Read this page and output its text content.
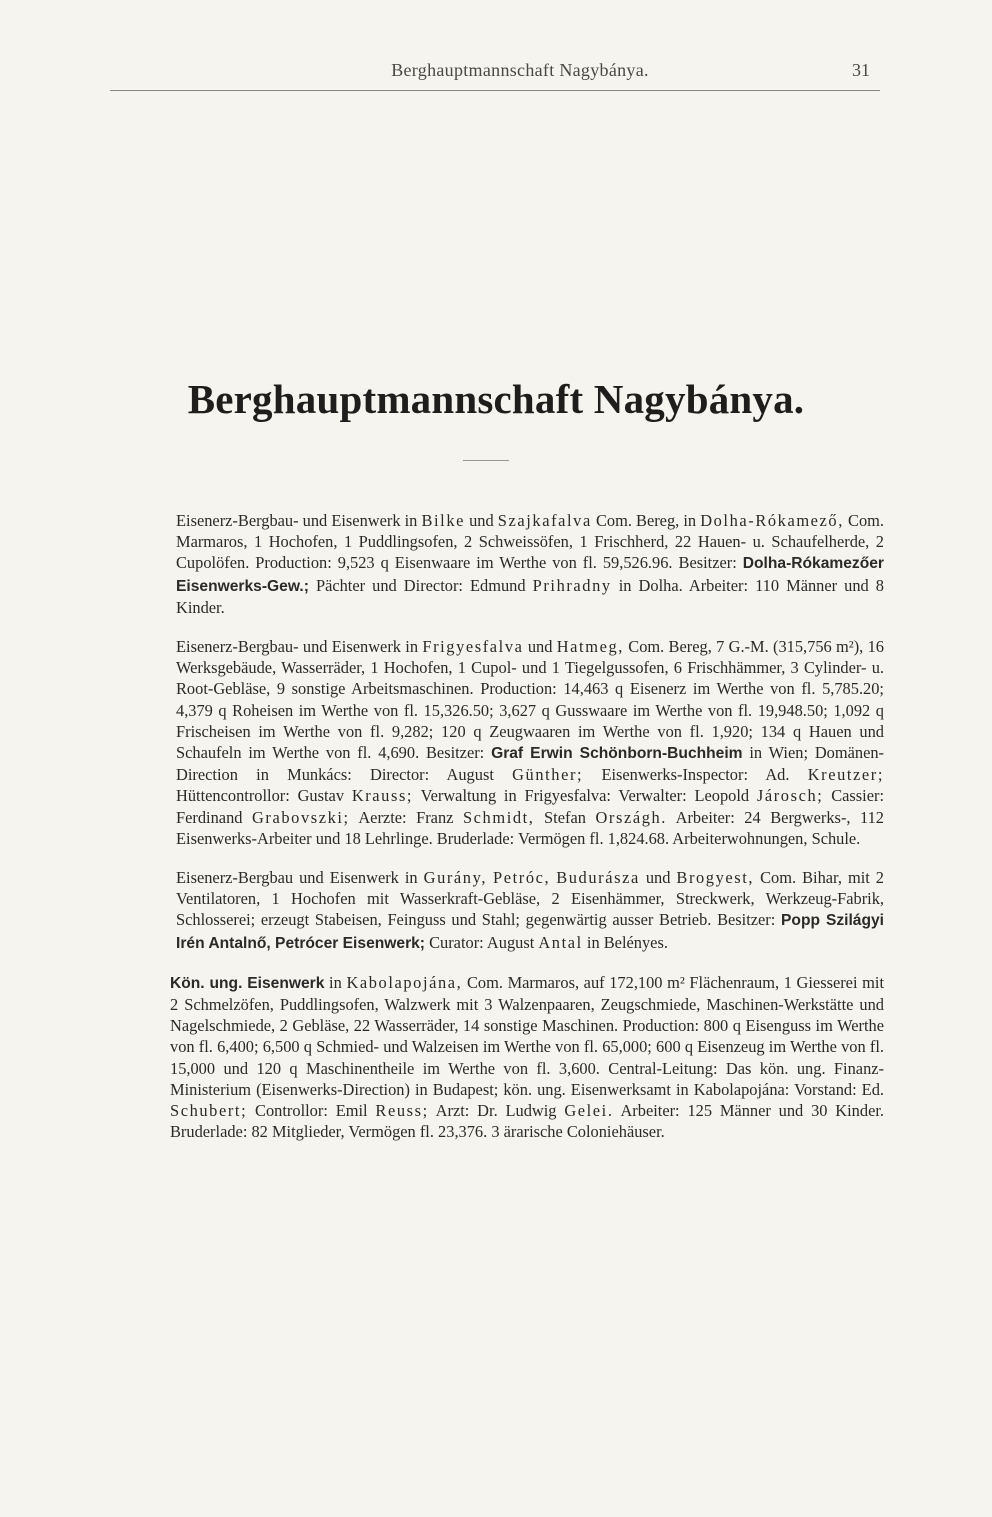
Berghauptmannschaft Nagybánya.	31
Berghauptmannschaft Nagybánya.

Eisenerz-Bergbau- und Eisenwerk in Bilke und Szajkafalva Com. Bereg, in Dolha-Rókamező, Com. Marmaros, 1 Hochofen, 1 Puddlingsofen, 2 Schweissöfen, 1 Frischherd, 22 Hauen- u. Schaufelherde, 2 Cupolöfen. Production: 9,523 q Eisenwaare im Werthe von fl. 59,526.96. Besitzer: Dolha-Rókamezőer Eisenwerks-Gew.; Pächter und Director: Edmund Prihradny in Dolha. Arbeiter: 110 Männer und 8 Kinder.

Eisenerz-Bergbau- und Eisenwerk in Frigyesfalva und Hatmeg, Com. Bereg, 7 G.-M. (315,756 m²), 16 Werksgebäude, Wasserräder, 1 Hochofen, 1 Cupol- und 1 Tiegelgussofen, 6 Frischhämmer, 3 Cylinder- u. Root-Gebläse, 9 sonstige Arbeitsmaschinen. Production: 14,463 q Eisenerz im Werthe von fl. 5,785.20; 4,379 q Roheisen im Werthe von fl. 15,326.50; 3,627 q Gusswaare im Werthe von fl. 19,948.50; 1,092 q Frischeisen im Werthe von fl. 9,282; 120 q Zeugwaaren im Werthe von fl. 1,920; 134 q Hauen und Schaufeln im Werthe von fl. 4,690. Besitzer: Graf Erwin Schönborn-Buchheim in Wien; Domänen-Direction in Munkács: Director: August Günther; Eisenwerks-Inspector: Ad. Kreutzer; Hüttencontrollor: Gustav Krauss; Verwaltung in Frigyesfalva: Verwalter: Leopold Járosch; Cassier: Ferdinand Grabovszki; Aerzte: Franz Schmidt, Stefan Országh. Arbeiter: 24 Bergwerks-, 112 Eisenwerks-Arbeiter und 18 Lehrlinge. Bruderlade: Vermögen fl. 1,824.68. Arbeiterwohnungen, Schule.

Eisenerz-Bergbau und Eisenwerk in Gurány, Petróc, Budurásza und Brogyest, Com. Bihar, mit 2 Ventilatoren, 1 Hochofen mit Wasserkraft-Gebläse, 2 Eisenhämmer, Streckwerk, Werkzeug-Fabrik, Schlosserei; erzeugt Stabeisen, Feinguss und Stahl; gegenwärtig ausser Betrieb. Besitzer: Popp Szilágyi Irén Antalnő, Petrócer Eisenwerk; Curator: August Antal in Belényes.

Kön. ung. Eisenwerk in Kabolapojána, Com. Marmaros, auf 172,100 m² Flächenraum, 1 Giesserei mit 2 Schmelzöfen, Puddlingsofen, Walzwerk mit 3 Walzenpaaren, Zeugschmiede, Maschinen-Werkstätte und Nagelschmiede, 2 Gebläse, 22 Wasserräder, 14 sonstige Maschinen. Production: 800 q Eisenguss im Werthe von fl. 6,400; 6,500 q Schmied- und Walzeisen im Werthe von fl. 65,000; 600 q Eisenzeug im Werthe von fl. 15,000 und 120 q Maschinentheile im Werthe von fl. 3,600. Central-Leitung: Das kön. ung. Finanz-Ministerium (Eisenwerks-Direction) in Budapest; kön. ung. Eisenwerksamt in Kabolapojána: Vorstand: Ed. Schubert; Controllor: Emil Reuss; Arzt: Dr. Ludwig Gelei. Arbeiter: 125 Männer und 30 Kinder. Bruderlade: 82 Mitglieder, Vermögen fl. 23,376. 3 ärarische Coloniehäuser.
